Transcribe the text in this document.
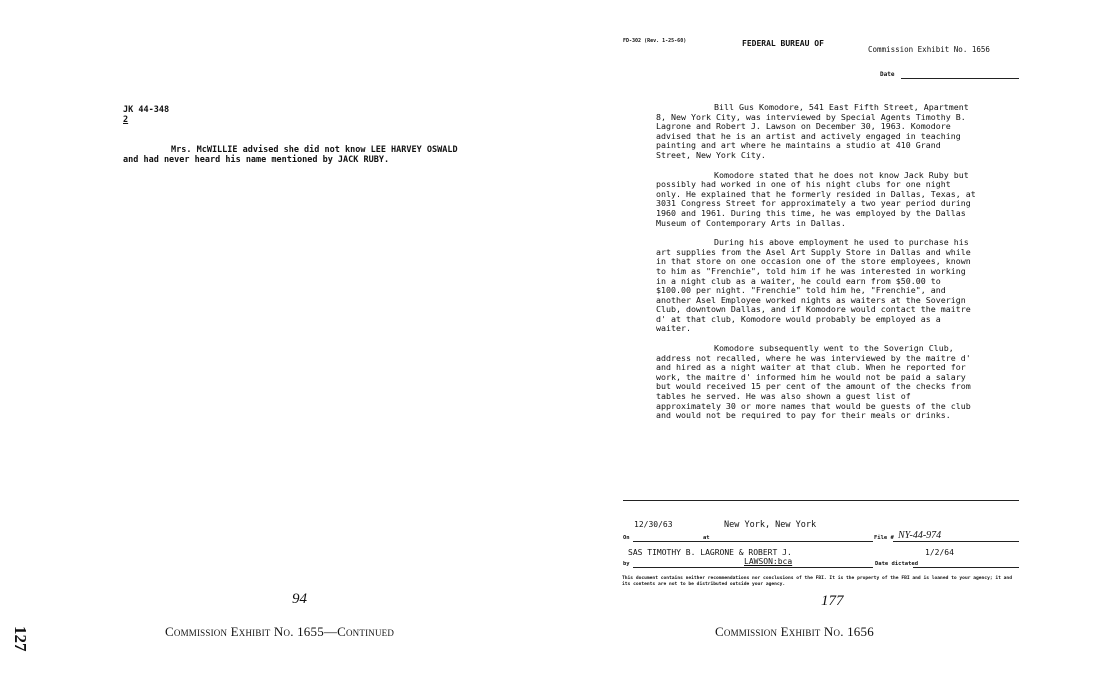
JK 44-348
2
Mrs. McWILLIE advised she did not know LEE HARVEY OSWALD and had never heard his name mentioned by JACK RUBY.
94
Commission Exhibit No. 1655—Continued
127
FD-302 (Rev. 1-25-60)	FEDERAL BUREAU OF
Commission Exhibit No. 1656
Date

Bill Gus Komodore, 541 East Fifth Street, Apartment 8, New York City, was interviewed by Special Agents Timothy B. Lagrone and Robert J. Lawson on December 30, 1963. Komodore advised that he is an artist and actively engaged in teaching painting and art where he maintains a studio at 410 Grand Street, New York City.

Komodore stated that he does not know Jack Ruby but possibly had worked in one of his night clubs for one night only. He explained that he formerly resided in Dallas, Texas, at 3031 Congress Street for approximately a two year period during 1960 and 1961. During this time, he was employed by the Dallas Museum of Contemporary Arts in Dallas.

During his above employment he used to purchase his art supplies from the Asel Art Supply Store in Dallas and while in that store on one occasion one of the store employees, known to him as "Frenchie", told him if he was interested in working in a night club as a waiter, he could earn from $50.00 to $100.00 per night. "Frenchie" told him he, "Frenchie", and another Asel Employee worked nights as waiters at the Soverign Club, downtown Dallas, and if Komodore would contact the maitre d' at that club, Komodore would probably be employed as a waiter.

Komodore subsequently went to the Soverign Club, address not recalled, where he was interviewed by the maitre d' and hired as a night waiter at that club. When he reported for work, the maitre d' informed him he would not be paid a salary but would received 15 per cent of the amount of the checks from tables he served. He was also shown a guest list of approximately 30 or more names that would be guests of the club and would not be required to pay for their meals or drinks.

12/30/63	New York, New York
On	at	File # NY-44-974
SAS TIMOTHY B. LAGRONE & ROBERT J.	1/2/64
by	LAWSON:bca	Date dictated
This document contains neither recommendations nor conclusions of the FBI. It is the property of the FBI and is loaned to your agency; it and its contents are not to be distributed outside your agency.
177
Commission Exhibit No. 1656
